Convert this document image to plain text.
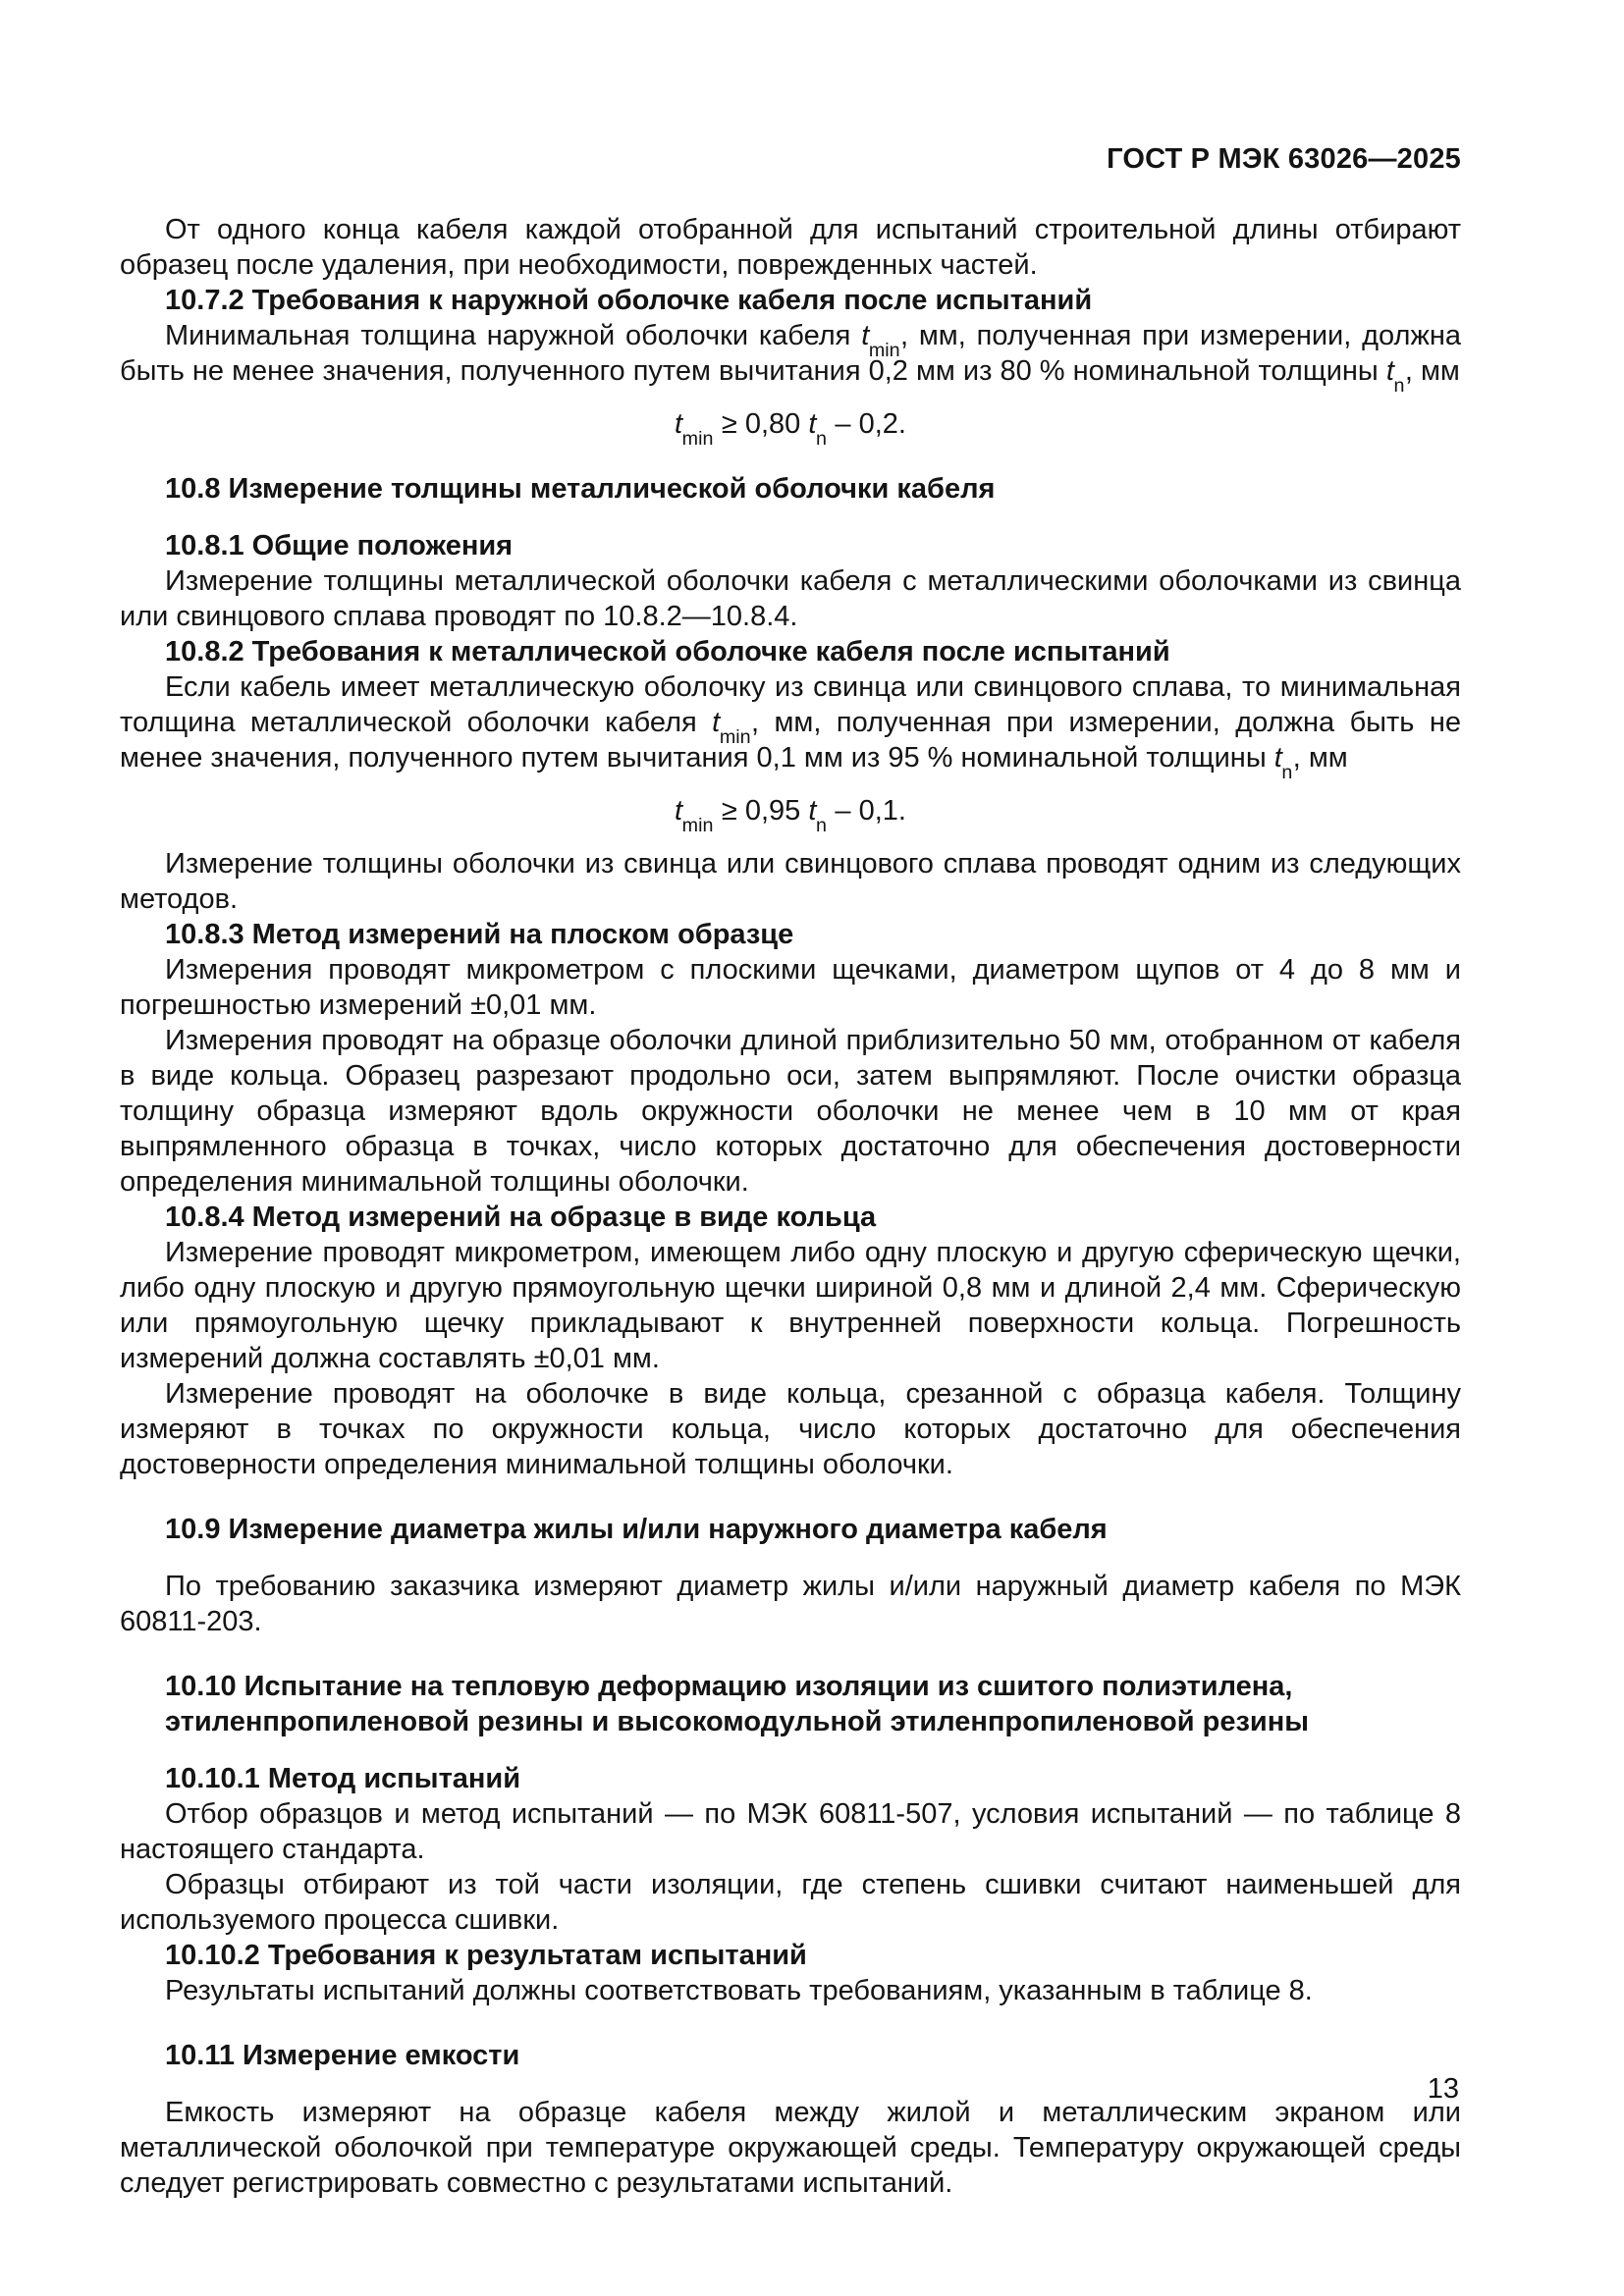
ГОСТ Р МЭК 63026—2025

От одного конца кабеля каждой отобранной для испытаний строительной длины отбирают образец после удаления, при необходимости, поврежденных частей.

10.7.2 Требования к наружной оболочке кабеля после испытаний

Минимальная толщина наружной оболочки кабеля $t_{min}$, мм, полученная при измерении, должна быть не менее значения, полученного путем вычитания 0,2 мм из 80 % номинальной толщины $t_n$, мм

$t_{min} \ge 0,80$ $t_n - 0,2$.

10.8 Измерение толщины металлической оболочки кабеля

10.8.1 Общие положения

Измерение толщины металлической оболочки кабеля с металлическими оболочками из свинца или свинцового сплава проводят по 10.8.2—10.8.4.

10.8.2 Требования к металлической оболочке кабеля после испытаний

Если кабель имеет металлическую оболочку из свинца или свинцового сплава, то минимальная толщина металлической оболочки кабеля $t_{min}$, мм, полученная при измерении, должна быть не менее значения, полученного путем вычитания 0,1 мм из 95 % номинальной толщины $t_n$, мм

$t_{min} \ge 0,95$ $t_n - 0,1$.

Измерение толщины оболочки из свинца или свинцового сплава проводят одним из следующих методов.

10.8.3 Метод измерений на плоском образце

Измерения проводят микрометром с плоскими щечками, диаметром щупов от 4 до 8 мм и погрешностью измерений ±0,01 мм.

Измерения проводят на образце оболочки длиной приблизительно 50 мм, отобранном от кабеля в виде кольца. Образец разрезают продольно оси, затем выпрямляют. После очистки образца толщину образца измеряют вдоль окружности оболочки не менее чем в 10 мм от края выпрямленного образца в точках, число которых достаточно для обеспечения достоверности определения минимальной толщины оболочки.

10.8.4 Метод измерений на образце в виде кольца

Измерение проводят микрометром, имеющем либо одну плоскую и другую сферическую щечки, либо одну плоскую и другую прямоугольную щечки шириной 0,8 мм и длиной 2,4 мм. Сферическую или прямоугольную щечку прикладывают к внутренней поверхности кольца. Погрешность измерений должна составлять ±0,01 мм.

Измерение проводят на оболочке в виде кольца, срезанной с образца кабеля. Толщину измеряют в точках по окружности кольца, число которых достаточно для обеспечения достоверности определения минимальной толщины оболочки.

10.9 Измерение диаметра жилы и/или наружного диаметра кабеля

По требованию заказчика измеряют диаметр жилы и/или наружный диаметр кабеля по МЭК 60811-203.

10.10 Испытание на тепловую деформацию изоляции из сшитого полиэтилена, этиленпропиленовой резины и высокомодульной этиленпропиленовой резины

10.10.1 Метод испытаний

Отбор образцов и метод испытаний — по МЭК 60811-507, условия испытаний — по таблице 8 настоящего стандарта.

Образцы отбирают из той части изоляции, где степень сшивки считают наименьшей для используемого процесса сшивки.

10.10.2 Требования к результатам испытаний

Результаты испытаний должны соответствовать требованиям, указанным в таблице 8.

10.11 Измерение емкости

Емкость измеряют на образце кабеля между жилой и металлическим экраном или металлической оболочкой при температуре окружающей среды. Температуру окружающей среды следует регистрировать совместно с результатами испытаний.

13
